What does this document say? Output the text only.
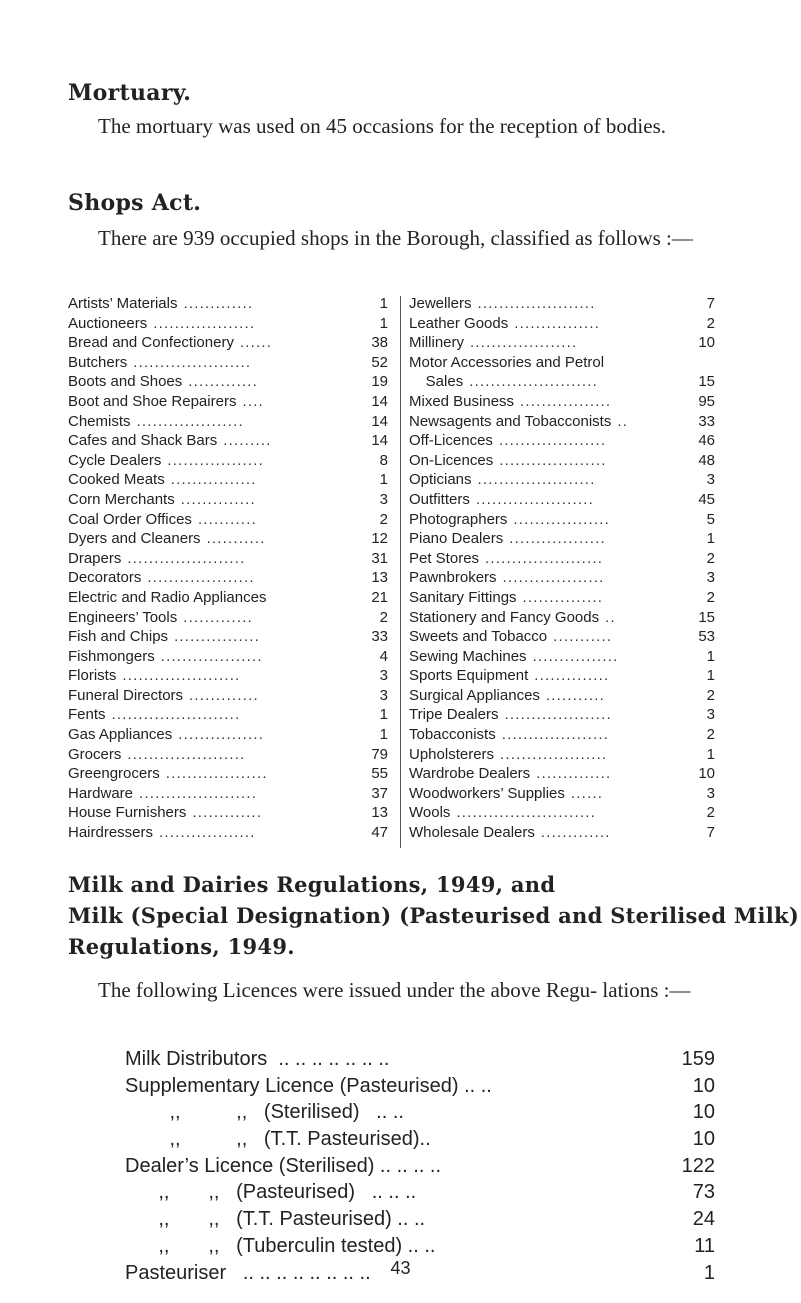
Mortuary.

The mortuary was used on 45 occasions for the reception of bodies.

Shops Act.

There are 939 occupied shops in the Borough, classified as follows :—

Artists’ Materials	1
.............
Auctioneers	1
...................
Bread and Confectionery	38
......
Butchers	52
......................
Boots and Shoes	19
.............
Boot and Shoe Repairers	14
....
Chemists	14
....................
Cafes and Shack Bars	14
.........
Cycle Dealers	8
..................
Cooked Meats	1
................
Corn Merchants	3
..............
Coal Order Offices	2
...........
Dyers and Cleaners	12
...........
Drapers	31
......................
Decorators	13
....................
Electric and Radio Appliances	21
Engineers’ Tools	2
.............
Fish and Chips	33
................
Fishmongers	4
...................
Florists	3
......................
Funeral Directors	3
.............
Fents	1
........................
Gas Appliances	1
................
Grocers	79
......................
Greengrocers	55
...................
Hardware	37
......................
House Furnishers	13
.............
Hairdressers	47
..................
Jewellers	7
......................
Leather Goods	2
................
Millinery	10
....................
Motor Accessories and Petrol
Sales	15
........................
Mixed Business	95
.................
Newsagents and Tobacconists	33
..
Off-Licences	46
....................
On-Licences	48
....................
Opticians	3
......................
Outfitters	45
......................
Photographers	5
..................
Piano Dealers	1
..................
Pet Stores	2
......................
Pawnbrokers	3
...................
Sanitary Fittings	2
...............
Stationery and Fancy Goods	15
..
Sweets and Tobacco	53
...........
Sewing Machines	1
................
Sports Equipment	1
..............
Surgical Appliances	2
...........
Tripe Dealers	3
....................
Tobacconists	2
....................
Upholsterers	1
....................
Wardrobe Dealers	10
..............
Woodworkers’ Supplies	3
......
Wools	2
..........................
Wholesale Dealers	7
.............
Milk and Dairies Regulations, 1949, and
Milk (Special Designation) (Pasteurised and Sterilised Milk)
Regulations, 1949.

The following Licences were issued under the above Regu- lations :—

Milk Distributors  .. .. .. .. .. .. ..	159
Supplementary Licence (Pasteurised) .. ..	10
,,          ,,   (Sterilised)   .. ..	10
,,          ,,   (T.T. Pasteurised)..	10
Dealer’s Licence (Sterilised) .. .. .. ..	122
,,       ,,   (Pasteurised)   .. .. ..	73
,,       ,,   (T.T. Pasteurised) .. ..	24
,,       ,,   (Tuberculin tested) .. ..	11
Pasteuriser   .. .. .. .. .. .. .. ..	1
43
